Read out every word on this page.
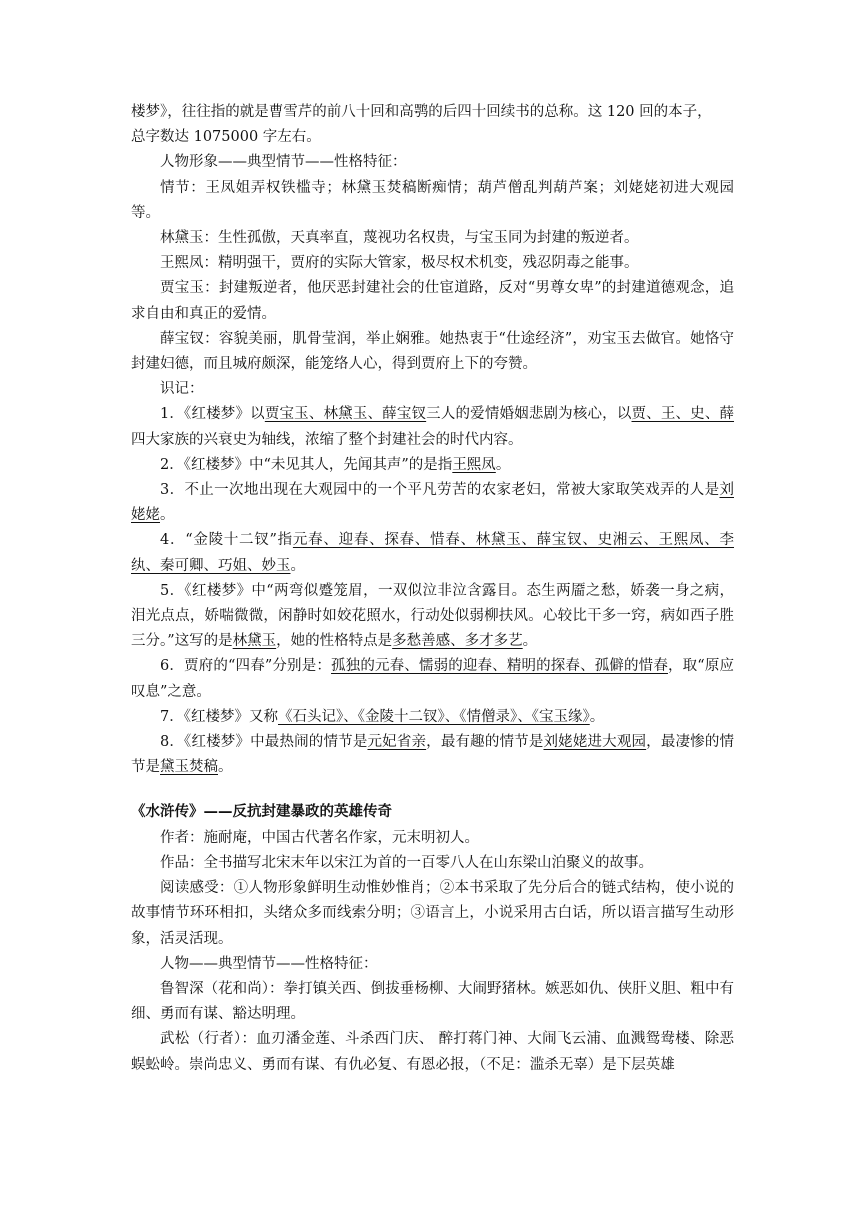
楼梦》，往往指的就是曹雪芹的前八十回和高鹗的后四十回续书的总称。这 120 回的本子，
总字数达 1075000 字左右。

人物形象——典型情节——性格特征：

情节：王凤姐弄权铁槛寺；林黛玉焚稿断痴情；葫芦僧乱判葫芦案；刘姥姥初进大观园等。

林黛玉：生性孤傲，天真率直，蔑视功名权贵，与宝玉同为封建的叛逆者。

王熙凤：精明强干，贾府的实际大管家，极尽权术机变，残忍阴毒之能事。

贾宝玉：封建叛逆者，他厌恶封建社会的仕宦道路，反对“男尊女卑”的封建道德观念，追求自由和真正的爱情。

薛宝钗：容貌美丽，肌骨莹润，举止娴雅。她热衷于“仕途经济”，劝宝玉去做官。她恪守封建妇德，而且城府颇深，能笼络人心，得到贾府上下的夸赞。

识记：

1．《红楼梦》以贾宝玉、林黛玉、薛宝钗三人的爱情婚姻悲剧为核心，以贾、王、史、薛四大家族的兴衰史为轴线，浓缩了整个封建社会的时代内容。

2．《红楼梦》中“未见其人，先闻其声”的是指王熙凤。

3．不止一次地出现在大观园中的一个平凡劳苦的农家老妇，常被大家取笑戏弄的人是刘姥姥。

4．“金陵十二钗”指元春、迎春、探春、惜春、林黛玉、薛宝钗、史湘云、王熙凤、李纨、秦可卿、巧姐、妙玉。

5．《红楼梦》中“两弯似蹙笼眉，一双似泣非泣含露目。态生两靥之愁，娇袭一身之病，泪光点点，娇喘微微，闲静时如姣花照水，行动处似弱柳扶风。心较比干多一窍，病如西子胜三分。”这写的是林黛玉，她的性格特点是多愁善感、多才多艺。

6．贾府的“四春”分别是：孤独的元春、懦弱的迎春、精明的探春、孤僻的惜春，取“原应叹息”之意。

7．《红楼梦》又称《石头记》、《金陵十二钗》、《情僧录》、《宝玉缘》。

8．《红楼梦》中最热闹的情节是元妃省亲，最有趣的情节是刘姥姥进大观园，最凄惨的情节是黛玉焚稿。

《水浒传》——反抗封建暴政的英雄传奇

作者：施耐庵，中国古代著名作家，元末明初人。

作品：全书描写北宋末年以宋江为首的一百零八人在山东梁山泊聚义的故事。

阅读感受：①人物形象鲜明生动惟妙惟肖；②本书采取了先分后合的链式结构，使小说的故事情节环环相扣，头绪众多而线索分明；③语言上，小说采用古白话，所以语言描写生动形象，活灵活现。

人物——典型情节——性格特征：

鲁智深（花和尚）：拳打镇关西、倒拔垂杨柳、大闹野猪林。嫉恶如仇、侠肝义胆、粗中有细、勇而有谋、豁达明理。

武松（行者）：血刃潘金莲、斗杀西门庆、 醉打蒋门神、大闹飞云浦、血溅鸳鸯楼、除恶蜈蚣岭。崇尚忠义、勇而有谋、有仇必复、有恩必报，（不足：滥杀无辜）是下层英雄
